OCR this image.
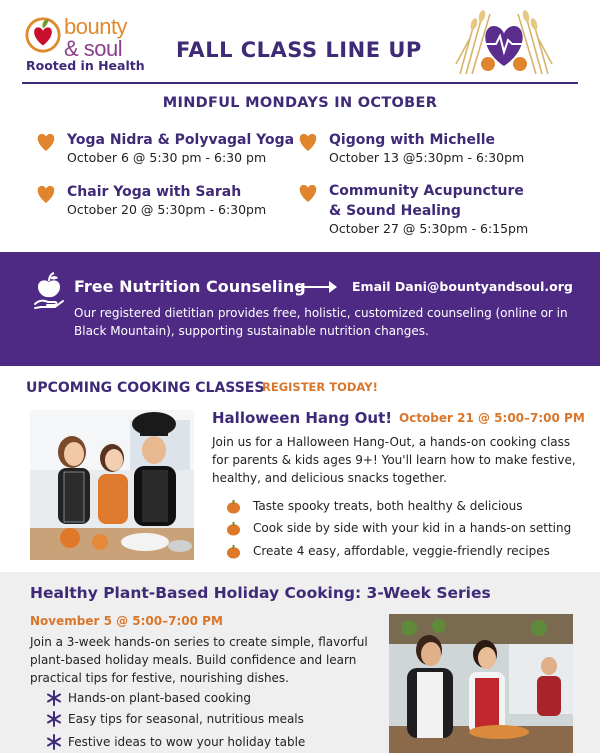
bounty
& soul
Rooted in Health
FALL CLASS LINE UP
MINDFUL MONDAYS IN OCTOBER
Yoga Nidra & Polyvagal Yoga
October 6 @ 5:30 pm - 6:30 pm
Qigong with Michelle
October 13 @5:30pm - 6:30pm
Chair Yoga with Sarah
October 20 @ 5:30pm - 6:30pm
Community Acupuncture
& Sound Healing
October 27 @ 5:30pm - 6:15pm
Free Nutrition Counseling	Email Dani@bountyandsoul.org
Our registered dietitian provides free, holistic, customized counseling (online or in Black Mountain), supporting sustainable nutrition changes.
UPCOMING COOKING CLASSES
REGISTER TODAY!
Halloween Hang Out! October 21 @ 5:00–7:00 PM
Join us for a Halloween Hang-Out, a hands-on cooking class for parents & kids ages 9+! You'll learn how to make festive, healthy, and delicious snacks together.
Taste spooky treats, both healthy & delicious
Cook side by side with your kid in a hands-on setting
Create 4 easy, affordable, veggie-friendly recipes
Healthy Plant-Based Holiday Cooking: 3-Week Series
November 5 @ 5:00–7:00 PM
Join a 3-week hands-on series to create simple, flavorful plant-based holiday meals. Build confidence and learn practical tips for festive, nourishing dishes.
Hands-on plant-based cooking
Easy tips for seasonal, nutritious meals
Festive ideas to wow your holiday table
